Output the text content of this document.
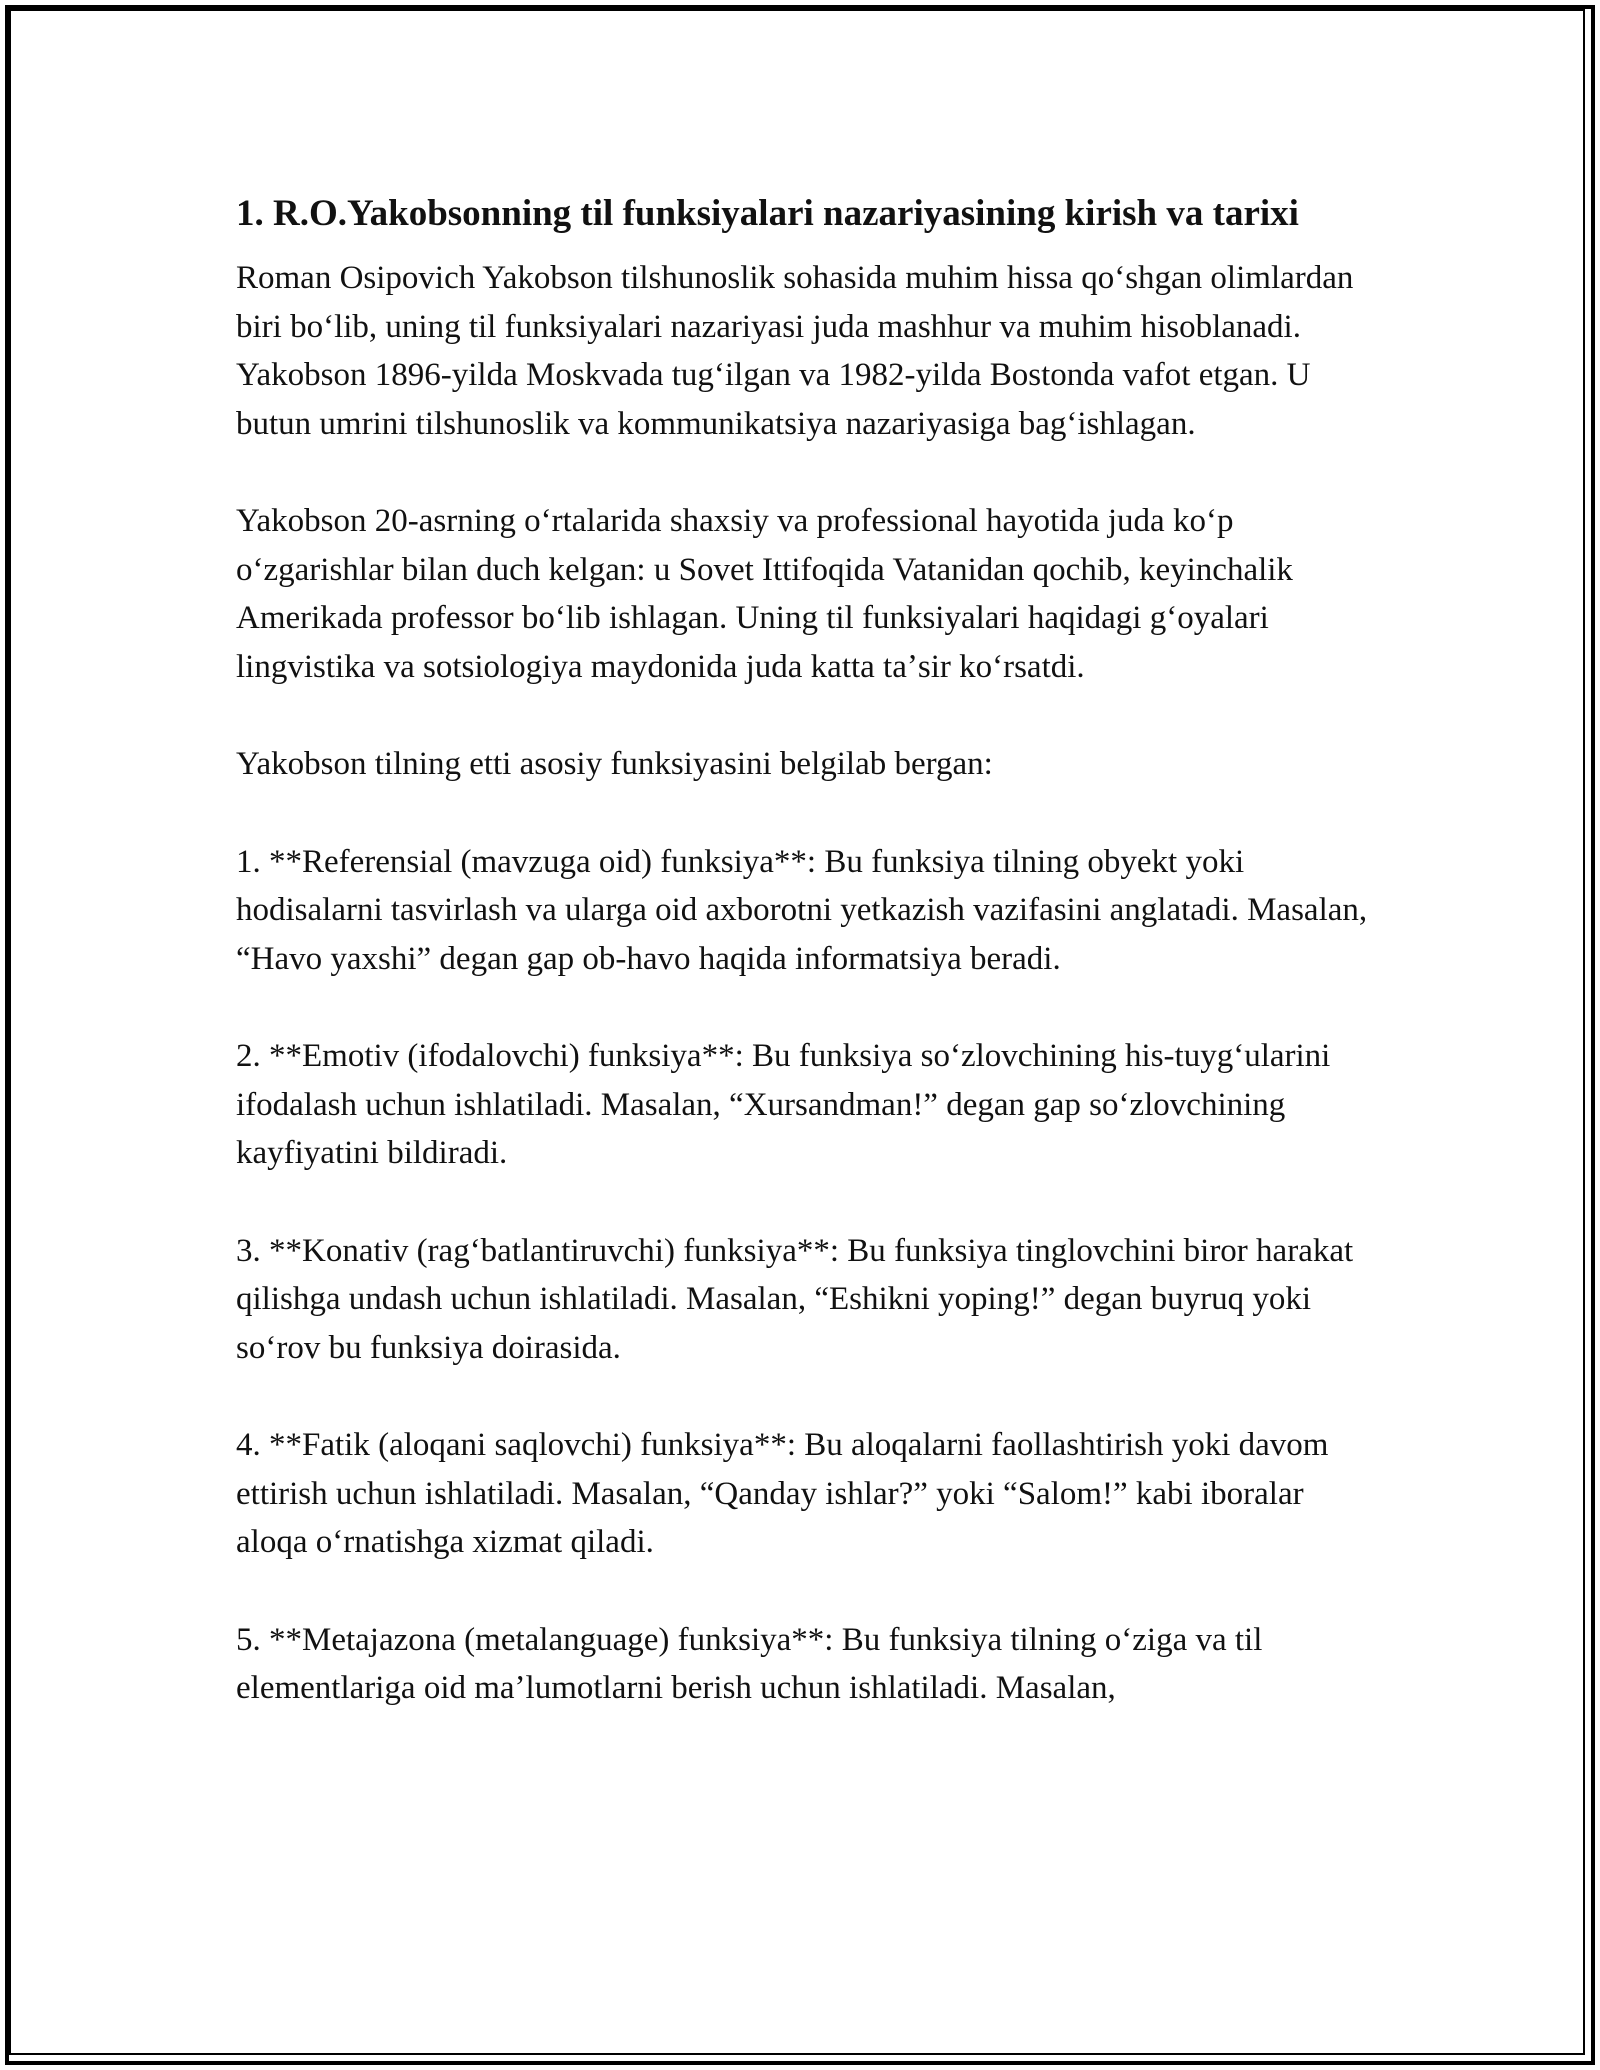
1. R.O.Yakobsonning til funksiyalari nazariyasining kirish va tarixi

Roman Osipovich Yakobson tilshunoslik sohasida muhim hissa qoʻshgan olimlardan biri boʻlib, uning til funksiyalari nazariyasi juda mashhur va muhim hisoblanadi. Yakobson 1896-yilda Moskvada tugʻilgan va 1982-yilda Bostonda vafot etgan. U butun umrini tilshunoslik va kommunikatsiya nazariyasiga bagʻishlagan.

Yakobson 20-asrning oʻrtalarida shaxsiy va professional hayotida juda koʻp oʻzgarishlar bilan duch kelgan: u Sovet Ittifoqida Vatanidan qochib, keyinchalik Amerikada professor boʻlib ishlagan. Uning til funksiyalari haqidagi gʻoyalari lingvistika va sotsiologiya maydonida juda katta taʼsir koʻrsatdi.

Yakobson tilning etti asosiy funksiyasini belgilab bergan:

1. **Referensial (mavzuga oid) funksiya**: Bu funksiya tilning obyekt yoki hodisalarni tasvirlash va ularga oid axborotni yetkazish vazifasini anglatadi. Masalan, “Havo yaxshi” degan gap ob-havo haqida informatsiya beradi.

2. **Emotiv (ifodalovchi) funksiya**: Bu funksiya soʻzlovchining his-tuygʻularini ifodalash uchun ishlatiladi. Masalan, “Xursandman!” degan gap soʻzlovchining kayfiyatini bildiradi.

3. **Konativ (ragʻbatlantiruvchi) funksiya**: Bu funksiya tinglovchini biror harakat qilishga undash uchun ishlatiladi. Masalan, “Eshikni yoping!” degan buyruq yoki soʻrov bu funksiya doirasida.

4. **Fatik (aloqani saqlovchi) funksiya**: Bu aloqalarni faollashtirish yoki davom ettirish uchun ishlatiladi. Masalan, “Qanday ishlar?” yoki “Salom!” kabi iboralar aloqa oʻrnatishga xizmat qiladi.

5. **Metajazona (metalanguage) funksiya**: Bu funksiya tilning oʻziga va til elementlariga oid maʼlumotlarni berish uchun ishlatiladi. Masalan,
